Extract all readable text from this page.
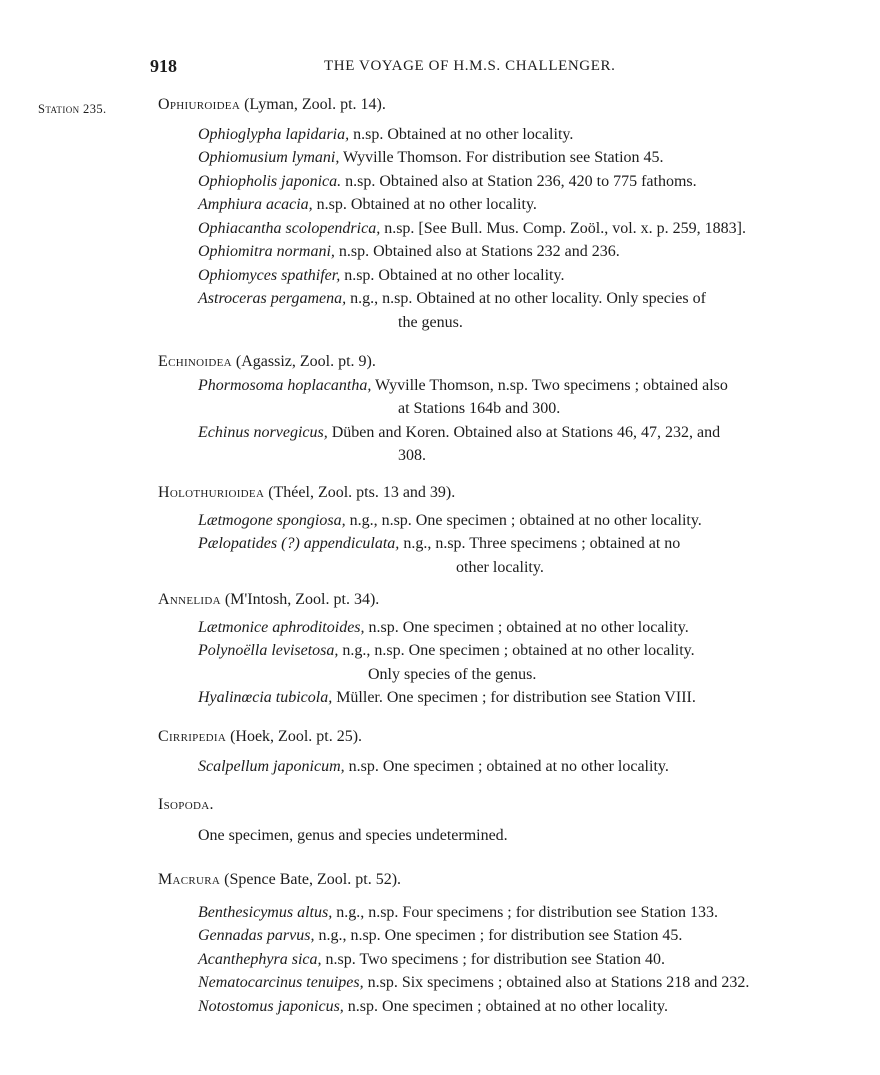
918	THE VOYAGE OF H.M.S. CHALLENGER.
Station 235.	Ophiuroidea (Lyman, Zool. pt. 14).
Ophioglypha lapidaria, n.sp. Obtained at no other locality.
Ophiomusium lymani, Wyville Thomson. For distribution see Station 45.
Ophiopholis japonica. n.sp. Obtained also at Station 236, 420 to 775 fathoms.
Amphiura acacia, n.sp. Obtained at no other locality.
Ophiacantha scolopendrica, n.sp. [See Bull. Mus. Comp. Zoöl., vol. x. p. 259, 1883].
Ophiomitra normani, n.sp. Obtained also at Stations 232 and 236.
Ophiomyces spathifer, n.sp. Obtained at no other locality.
Astroceras pergamena, n.g., n.sp. Obtained at no other locality. Only species of
the genus.
Echinoidea (Agassiz, Zool. pt. 9).
Phormosoma hoplacantha, Wyville Thomson, n.sp. Two specimens ; obtained also
at Stations 164b and 300.
Echinus norvegicus, Düben and Koren. Obtained also at Stations 46, 47, 232, and
308.
Holothurioidea (Théel, Zool. pts. 13 and 39).
Lætmogone spongiosa, n.g., n.sp. One specimen ; obtained at no other locality.
Pælopatides (?) appendiculata, n.g., n.sp. Three specimens ; obtained at no
other locality.
Annelida (M'Intosh, Zool. pt. 34).
Lætmonice aphroditoides, n.sp. One specimen ; obtained at no other locality.
Polynoëlla levisetosa, n.g., n.sp. One specimen ; obtained at no other locality.
Only species of the genus.
Hyalinœcia tubicola, Müller. One specimen ; for distribution see Station VIII.
Cirripedia (Hoek, Zool. pt. 25).
Scalpellum japonicum, n.sp. One specimen ; obtained at no other locality.
Isopoda.
One specimen, genus and species undetermined.
Macrura (Spence Bate, Zool. pt. 52).
Benthesicymus altus, n.g., n.sp. Four specimens ; for distribution see Station 133.
Gennadas parvus, n.g., n.sp. One specimen ; for distribution see Station 45.
Acanthephyra sica, n.sp. Two specimens ; for distribution see Station 40.
Nematocarcinus tenuipes, n.sp. Six specimens ; obtained also at Stations 218 and 232.
Notostomus japonicus, n.sp. One specimen ; obtained at no other locality.
